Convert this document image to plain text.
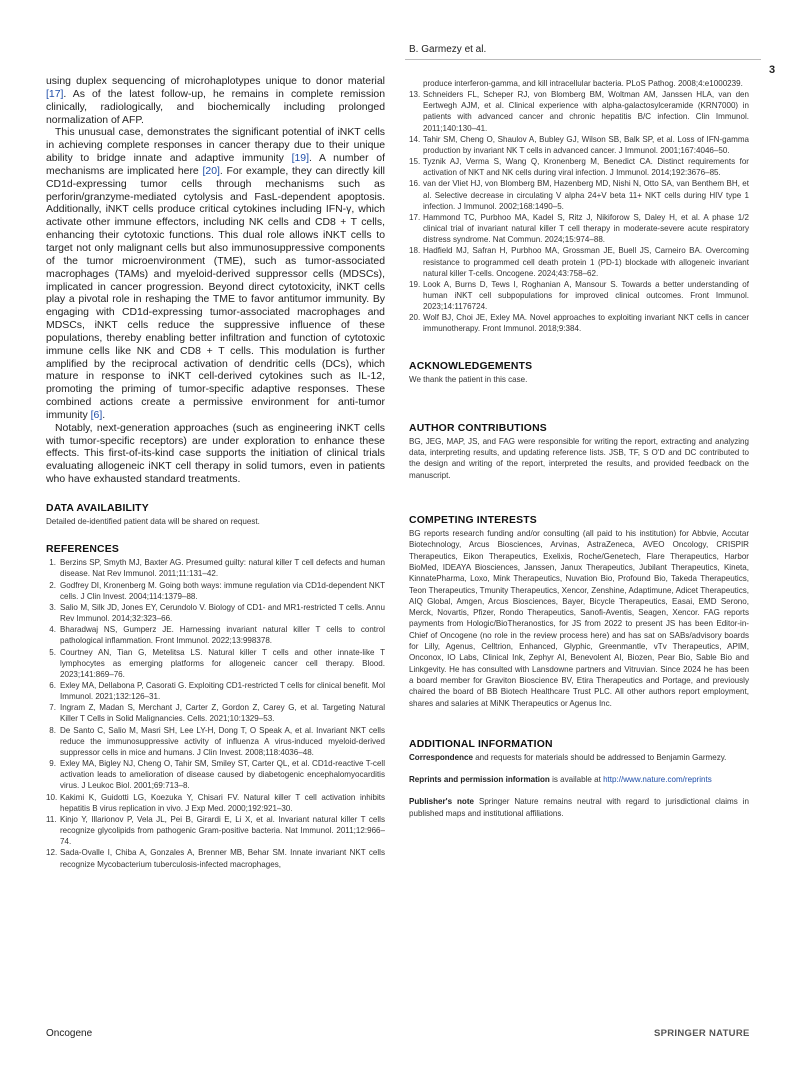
B. Garmezy et al.
3

using duplex sequencing of microhaplotypes unique to donor material [17]. As of the latest follow-up, he remains in complete remission clinically, radiologically, and biochemically including prolonged normalization of AFP.

This unusual case, demonstrates the significant potential of iNKT cells in achieving complete responses in cancer therapy due to their unique ability to bridge innate and adaptive immunity [19]. A number of mechanisms are implicated here [20]. For example, they can directly kill CD1d-expressing tumor cells through mechanisms such as perforin/granzyme-mediated cytolysis and FasL-dependent apoptosis. Additionally, iNKT cells produce critical cytokines including IFN-γ, which activate other immune effectors, including NK cells and CD8 + T cells, enhancing their cytotoxic functions. This dual role allows iNKT cells to target not only malignant cells but also immunosuppressive components of the tumor microenvironment (TME), such as tumor-associated macrophages (TAMs) and myeloid-derived suppressor cells (MDSCs), implicated in cancer progression. Beyond direct cytotoxicity, iNKT cells play a pivotal role in reshaping the TME to favor antitumor immunity. By engaging with CD1d-expressing tumor-associated macrophages and MDSCs, iNKT cells reduce the suppressive influence of these populations, thereby enabling better infiltration and function of cytotoxic immune cells like NK and CD8 + T cells. This modulation is further amplified by the reciprocal activation of dendritic cells (DCs), which mature in response to iNKT cell-derived cytokines such as IL-12, promoting the priming of tumor-specific adaptive responses. These combined actions create a permissive environment for anti-tumor immunity [6].

Notably, next-generation approaches (such as engineering iNKT cells with tumor-specific receptors) are under exploration to enhance these effects. This first-of-its-kind case supports the initiation of clinical trials evaluating allogeneic iNKT cell therapy in solid tumors, even in patients who have exhausted standard treatments.

DATA AVAILABILITY
Detailed de-identified patient data will be shared on request.
REFERENCES
1. Berzins SP, Smyth MJ, Baxter AG. Presumed guilty: natural killer T cell defects and human disease. Nat Rev Immunol. 2011;11:131–42.
2. Godfrey DI, Kronenberg M. Going both ways: immune regulation via CD1d-dependent NKT cells. J Clin Invest. 2004;114:1379–88.
3. Salio M, Silk JD, Jones EY, Cerundolo V. Biology of CD1- and MR1-restricted T cells. Annu Rev Immunol. 2014;32:323–66.
4. Bharadwaj NS, Gumperz JE. Harnessing invariant natural killer T cells to control pathological inflammation. Front Immunol. 2022;13:998378.
5. Courtney AN, Tian G, Metelitsa LS. Natural killer T cells and other innate-like T lymphocytes as emerging platforms for allogeneic cancer cell therapy. Blood. 2023;141:869–76.
6. Exley MA, Dellabona P, Casorati G. Exploiting CD1-restricted T cells for clinical benefit. Mol Immunol. 2021;132:126–31.
7. Ingram Z, Madan S, Merchant J, Carter Z, Gordon Z, Carey G, et al. Targeting Natural Killer T Cells in Solid Malignancies. Cells. 2021;10:1329–53.
8. De Santo C, Salio M, Masri SH, Lee LY-H, Dong T, O Speak A, et al. Invariant NKT cells reduce the immunosuppressive activity of influenza A virus-induced myeloid-derived suppressor cells in mice and humans. J Clin Invest. 2008;118:4036–48.
9. Exley MA, Bigley NJ, Cheng O, Tahir SM, Smiley ST, Carter QL, et al. CD1d-reactive T-cell activation leads to amelioration of disease caused by diabetogenic encephalomyocarditis virus. J Leukoc Biol. 2001;69:713–8.
10. Kakimi K, Guidotti LG, Koezuka Y, Chisari FV. Natural killer T cell activation inhibits hepatitis B virus replication in vivo. J Exp Med. 2000;192:921–30.
11. Kinjo Y, Illarionov P, Vela JL, Pei B, Girardi E, Li X, et al. Invariant natural killer T cells recognize glycolipids from pathogenic Gram-positive bacteria. Nat Immunol. 2011;12:966–74.
12. Sada-Ovalle I, Chiba A, Gonzales A, Brenner MB, Behar SM. Innate invariant NKT cells recognize Mycobacterium tuberculosis-infected macrophages,
produce interferon-gamma, and kill intracellular bacteria. PLoS Pathog. 2008;4:e1000239.
13. Schneiders FL, Scheper RJ, von Blomberg BM, Woltman AM, Janssen HLA, van den Eertwegh AJM, et al. Clinical experience with alpha-galactosylceramide (KRN7000) in patients with advanced cancer and chronic hepatitis B/C infection. Clin Immunol. 2011;140:130–41.
14. Tahir SM, Cheng O, Shaulov A, Bubley GJ, Wilson SB, Balk SP, et al. Loss of IFN-gamma production by invariant NK T cells in advanced cancer. J Immunol. 2001;167:4046–50.
15. Tyznik AJ, Verma S, Wang Q, Kronenberg M, Benedict CA. Distinct requirements for activation of NKT and NK cells during viral infection. J Immunol. 2014;192:3676–85.
16. van der Vliet HJ, von Blomberg BM, Hazenberg MD, Nishi N, Otto SA, van Benthem BH, et al. Selective decrease in circulating V alpha 24+V beta 11+ NKT cells during HIV type 1 infection. J Immunol. 2002;168:1490–5.
17. Hammond TC, Purbhoo MA, Kadel S, Ritz J, Nikiforow S, Daley H, et al. A phase 1/2 clinical trial of invariant natural killer T cell therapy in moderate-severe acute respiratory distress syndrome. Nat Commun. 2024;15:974–88.
18. Hadfield MJ, Safran H, Purbhoo MA, Grossman JE, Buell JS, Carneiro BA. Overcoming resistance to programmed cell death protein 1 (PD-1) blockade with allogeneic invariant natural killer T-cells. Oncogene. 2024;43:758–62.
19. Look A, Burns D, Tews I, Roghanian A, Mansour S. Towards a better understanding of human iNKT cell subpopulations for improved clinical outcomes. Front Immunol. 2023;14:1176724.
20. Wolf BJ, Choi JE, Exley MA. Novel approaches to exploiting invariant NKT cells in cancer immunotherapy. Front Immunol. 2018;9:384.
ACKNOWLEDGEMENTS
We thank the patient in this case.
AUTHOR CONTRIBUTIONS
BG, JEG, MAP, JS, and FAG were responsible for writing the report, extracting and analyzing data, interpreting results, and updating reference lists. JSB, TF, S O'D and DC contributed to the design and writing of the report, interpreted the results, and provided feedback on the manuscript.
COMPETING INTERESTS
BG reports research funding and/or consulting (all paid to his institution) for Abbvie, Accutar Biotechnology, Arcus Biosciences, Arvinas, AstraZeneca, AVEO Oncology, CRISPIR Therapeutics, Eikon Therapeutics, Exelixis, Roche/Genetech, Flare Therapeutics, Harbor BioMed, IDEAYA Biosciences, Janssen, Janux Therapeutics, Jubilant Therapeutics, Kineta, KinnatePharma, Loxo, Mink Therapeutics, Nuvation Bio, Profound Bio, Takeda Therapeutics, Teon Therapeutics, Tmunity Therapeutics, Xencor, Zenshine, Adaptimune, Adicet Therapeutics, AIQ Global, Amgen, Arcus Biosciences, Bayer, Bicycle Therapeutics, Easai, EMD Serono, Merck, Novartis, Pfizer, Rondo Therapeutics, Sanofi-Aventis, Seagen, Xencor. FAG reports payments from Hologic/BioTheranostics, for JS from 2022 to present JS has been Editor-in-Chief of Oncogene (no role in the review process here) and has sat on SABs/advisory boards for Lilly, Agenus, Celltrion, Enhanced, Glyphic, Greenmantle, vTv Therapeutics, APIM, Onconox, IO Labs, Clinical Ink, Zephyr AI, Benevolent AI, Biozen, Pear Bio, Sable Bio and Linkgevity. He has consulted with Lansdowne partners and Vitruvian. Since 2024 he has been a board member for Graviton Bioscience BV, Etira Therapeutics and Portage, and previously chaired the board of BB Biotech Healthcare Trust PLC. All other authors report employment, shares and salaries at MiNK Therapeutics or Agenus Inc.
ADDITIONAL INFORMATION
Correspondence and requests for materials should be addressed to Benjamin Garmezy.
Reprints and permission information is available at http://www.nature.com/reprints
Publisher's note Springer Nature remains neutral with regard to jurisdictional claims in published maps and institutional affiliations.
Oncogene	SPRINGER NATURE
